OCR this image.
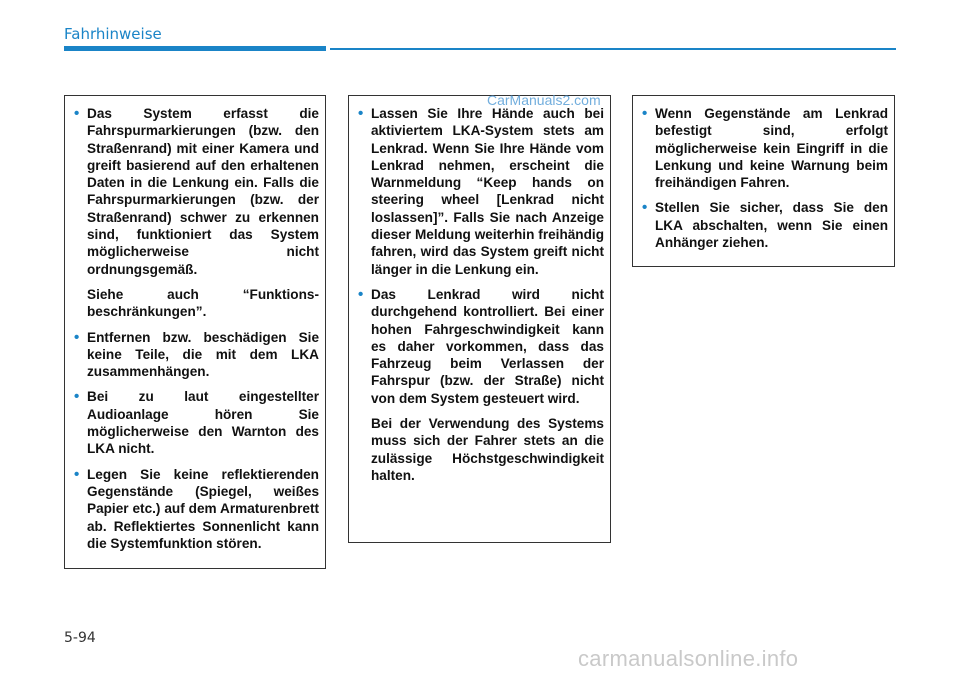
Fahrhinweise
• Das System erfasst die Fahrspurmarkierungen (bzw. den Straßenrand) mit einer Kamera und greift basierend auf den erhaltenen Daten in die Lenkung ein. Falls die Fahrspurmarkierungen (bzw. der Straßenrand) schwer zu erkennen sind, funktioniert das System möglicherweise nicht ordnungsgemäß.
Siehe auch “Funktions-beschränkungen”.
• Entfernen bzw. beschädigen Sie keine Teile, die mit dem LKA zusammenhängen.
• Bei zu laut eingestellter Audioanlage hören Sie möglicherweise den Warnton des LKA nicht.
• Legen Sie keine reflektierenden Gegenstände (Spiegel, weißes Papier etc.) auf dem Armaturenbrett ab. Reflektiertes Sonnenlicht kann die Systemfunktion stören.
• Lassen Sie Ihre Hände auch bei aktiviertem LKA-System stets am Lenkrad. Wenn Sie Ihre Hände vom Lenkrad nehmen, erscheint die Warnmeldung “Keep hands on steering wheel [Lenkrad nicht loslassen]”. Falls Sie nach Anzeige dieser Meldung weiterhin freihändig fahren, wird das System greift nicht länger in die Lenkung ein.
• Das Lenkrad wird nicht durchgehend kontrolliert. Bei einer hohen Fahrgeschwindigkeit kann es daher vorkommen, dass das Fahrzeug beim Verlassen der Fahrspur (bzw. der Straße) nicht von dem System gesteuert wird.
Bei der Verwendung des Systems muss sich der Fahrer stets an die zulässige Höchstgeschwindigkeit halten.
• Wenn Gegenstände am Lenkrad befestigt sind, erfolgt möglicherweise kein Eingriff in die Lenkung und keine Warnung beim freihändigen Fahren.
• Stellen Sie sicher, dass Sie den LKA abschalten, wenn Sie einen Anhänger ziehen.
CarManuals2.com
5-94
carmanualsonline.info
